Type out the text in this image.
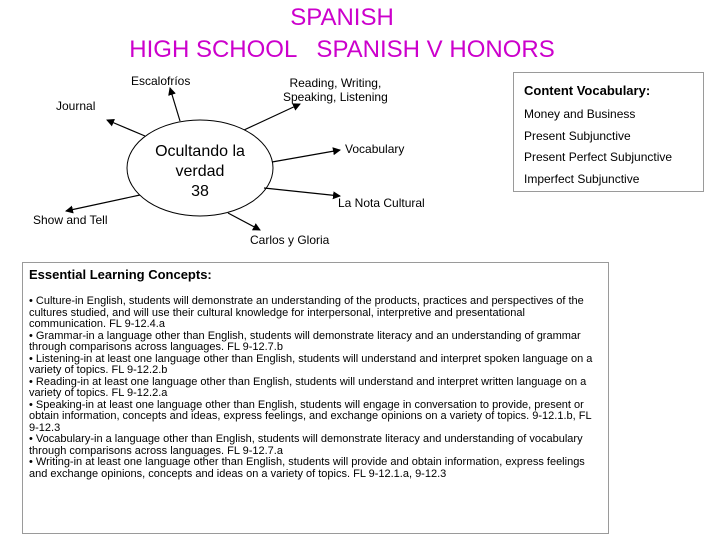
SPANISH
HIGH SCHOOL   SPANISH V HONORS
Ocultando la
verdad
38
Escalofríos	Reading, Writing,
Speaking, Listening
Journal
Vocabulary
La Nota Cultural
Show and Tell
Carlos y Gloria
Content Vocabulary:
Money and Business
Present Subjunctive
Present Perfect Subjunctive
Imperfect Subjunctive
Essential Learning Concepts:

• Culture-in English, students will demonstrate an understanding of the products, practices and perspectives of the cultures studied, and will use their cultural knowledge for interpersonal, interpretive and presentational communication. FL 9-12.4.a

• Grammar-in a language other than English, students will demonstrate literacy and an understanding of grammar through comparisons across languages. FL 9-12.7.b

• Listening-in at least one language other than English, students will understand and interpret spoken language on a variety of topics. FL 9-12.2.b

• Reading-in at least one language other than English, students will understand and interpret written language on a variety of topics. FL 9-12.2.a

• Speaking-in at least one language other than English, students will engage in conversation to provide, present or obtain information, concepts and ideas, express feelings, and exchange opinions on a variety of topics. 9-12.1.b, FL 9-12.3

• Vocabulary-in a language other than English, students will demonstrate literacy and understanding of vocabulary through comparisons across languages. FL 9-12.7.a

• Writing-in at least one language other than English, students will provide and obtain information, express feelings and exchange opinions, concepts and ideas on a variety of topics. FL 9-12.1.a, 9-12.3
